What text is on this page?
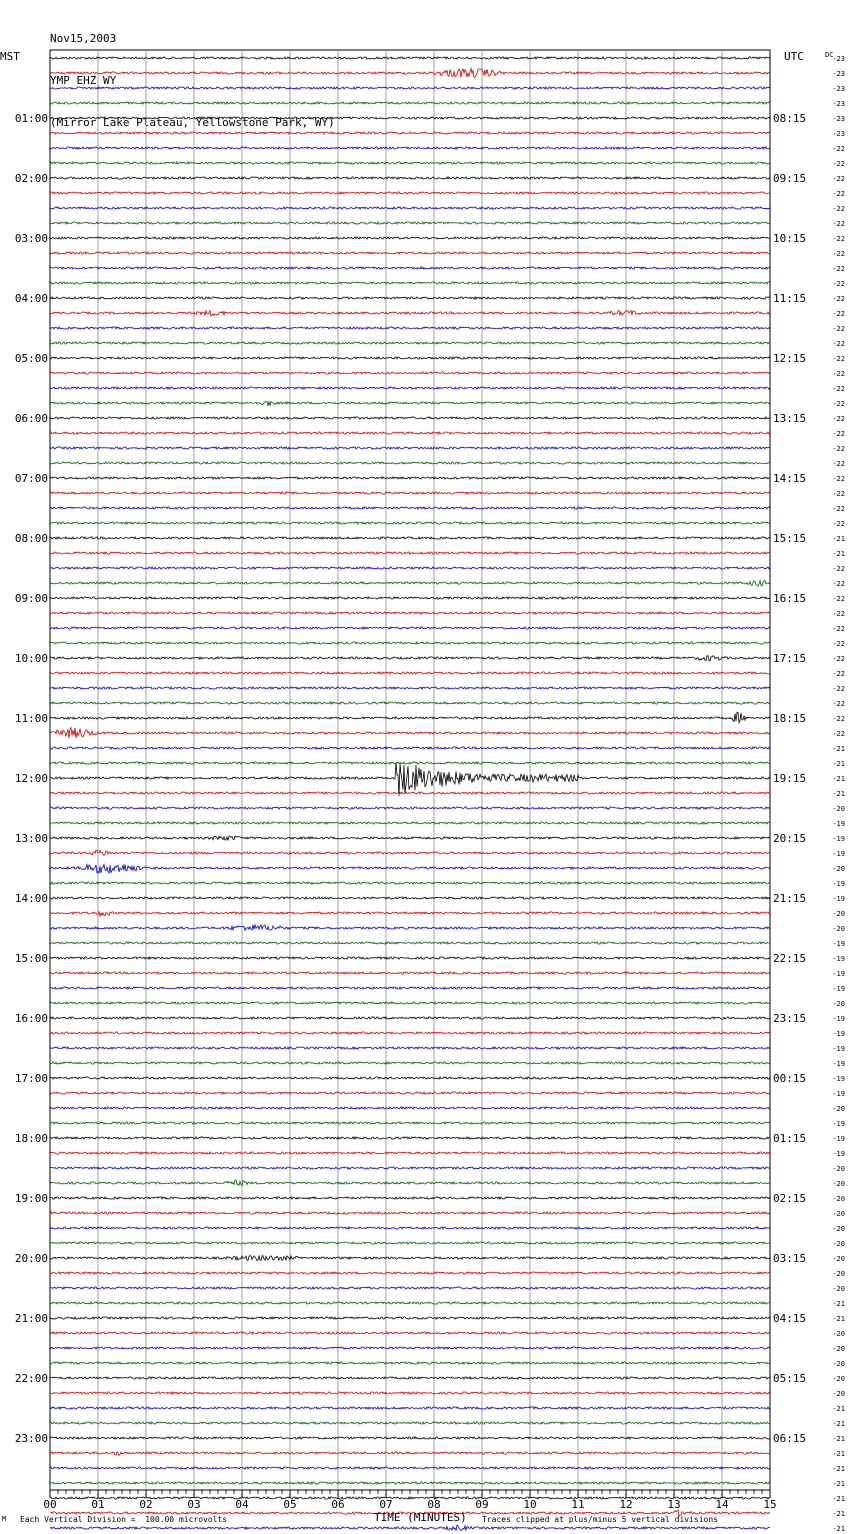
Nov15,2003

YMP EHZ WY

(Mirror Lake Plateau, Yellowstone Park, WY)

-23
-23
-23
-23
-23
-23
-22
-22
-22
-22
-22
-22
-22
-22
-22
-22
-22
-22
-22
-22
-22
-22
-22
-22
-22
-22
-22
-22
-22
-22
-22
-22
-21
-21
-22
-22
-22
-22
-22
-22
-22
-22
-22
-22
-22
-22
-21
-21
-21
-21
-20
-19
-19
-19
-20
-19
-19
-20
-20
-19
-19
-19
-19
-20
-19
-19
-19
-19
-19
-19
-20
-19
-19
-19
-20
-20
-20
-20
-20
-20
-20
-20
-20
-21
-21
-20
-20
-20
-20
-20
-21
-21
-21
-21
-21
-21
-21
-21
-21
MST	UTC	DC
01:00
02:00
03:00
04:00
05:00
06:00
07:00
08:00
09:00
10:00
11:00
12:00
13:00
14:00
15:00
16:00
17:00
18:00
19:00
20:00
21:00
22:00
23:00
08:15
09:15
10:15
11:15
12:15
13:15
14:15
15:15
16:15
17:15
18:15
19:15
20:15
21:15
22:15
23:15
00:15
01:15
02:15
03:15
04:15
05:15
06:15
00	01	02	03	04	05	06	07	08	09	10	11	12	13	14	15
M Each Vertical Division =  100.00 microvolts	TIME (MINUTES) Traces clipped at plus/minus 5 vertical divisions
